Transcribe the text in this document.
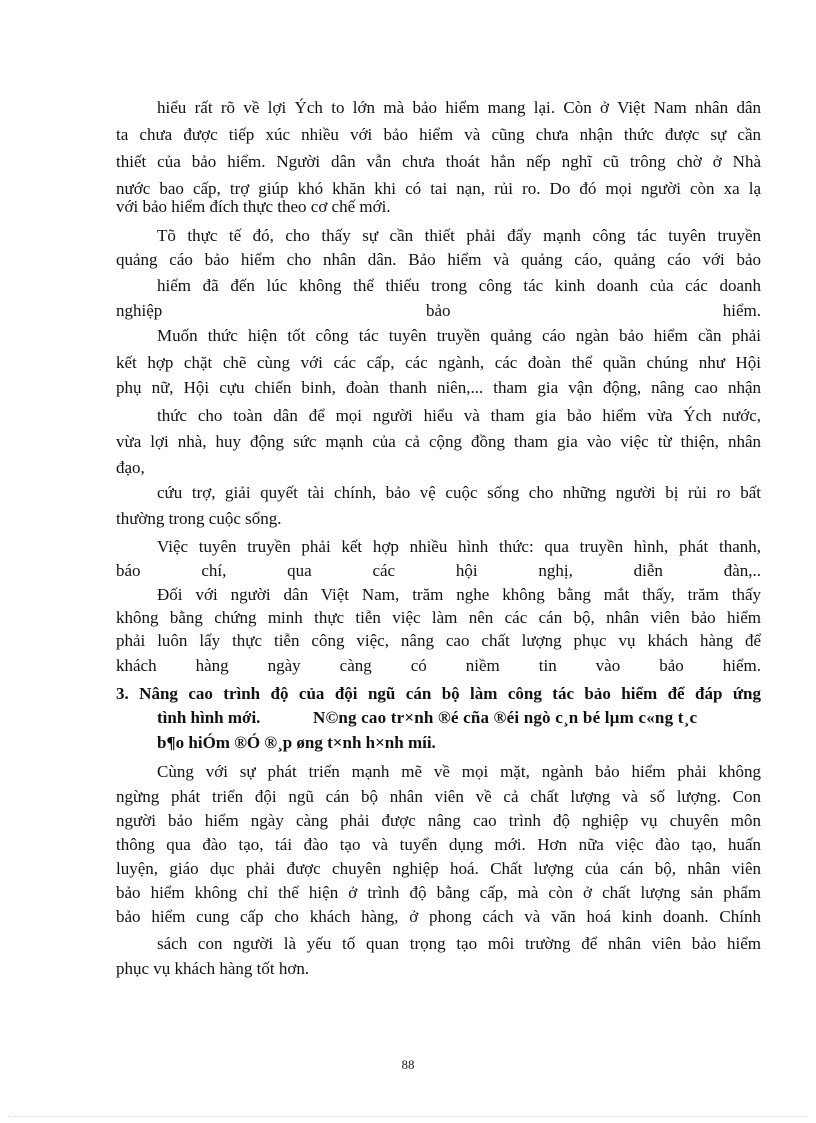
hiểu rất rõ về lợi Ých to lớn mà bảo hiểm mang lại. Còn ở Việt Nam nhân dân

ta chưa được tiếp xúc nhiều với bảo hiểm và cũng chưa nhận thức được sự cần

thiết của bảo hiểm. Người dân vẫn chưa thoát hẳn nếp nghĩ cũ trông chờ ở Nhà

nước bao cấp, trợ giúp khó khăn khi có tai nạn, rủi ro. Do đó mọi người còn xa lạ

với bảo hiểm đích thực theo cơ chế mới.

Tõ thực tế đó, cho thấy sự cần thiết phải đẩy mạnh công tác tuyên truyền

quảng cáo bảo hiểm cho nhân dân. Bảo hiểm và quảng cáo, quảng cáo với bảo

hiểm đã đến lúc không thể thiếu trong công tác kinh doanh của các doanh

nghiệp	bảo	hiểm.

Muốn thức hiện tốt công tác tuyên truyền quảng cáo ngàn bảo hiểm cần phải

kết hợp chặt chẽ cùng với các cấp, các ngành, các đoàn thể quần chúng như Hội

phụ nữ, Hội cựu chiến binh, đoàn thanh niên,... tham gia vận động, nâng cao nhận

thức cho toàn dân để mọi người hiểu và tham gia bảo hiểm vừa Ých nước,

vừa lợi nhà, huy động sức mạnh của cả cộng đồng tham gia vào việc từ thiện, nhân

đạo,

cứu trợ, giải quyết tài chính, bảo vệ cuộc sống cho những người bị rủi ro bất

thường trong cuộc sống.

Việc tuyên truyền phải kết hợp nhiều hình thức: qua truyền hình, phát thanh,

báo chí, qua các hội nghị, diễn đàn,..

Đối với người dân Việt Nam, trăm nghe không bằng mắt thấy, trăm thấy

không bằng chứng minh thực tiễn việc làm nên các cán bộ, nhân viên bảo hiểm

phải luôn lấy thực tiễn công việc, nâng cao chất lượng phục vụ khách hàng để

khách hàng ngày càng có niềm tin vào bảo hiểm.

3. Nâng cao trình độ của đội ngũ cán bộ làm công tác bảo hiểm để đáp ứng

tình hình mới.	N©ng cao tr×nh ®é cña ®éi ngò c¸n bé lµm c«ng t¸c

b¶o hiÓm ®Ó ®¸p øng t×nh h×nh míi.

Cùng với sự phát triển mạnh mẽ về mọi mặt, ngành bảo hiểm phải không

ngừng phát triển đội ngũ cán bộ nhân viên về cả chất lượng và số lượng. Con

người bảo hiểm ngày càng phải được nâng cao trình độ nghiệp vụ chuyên môn

thông qua đào tạo, tái đào tạo và tuyển dụng mới. Hơn nữa việc đào tạo, huấn

luyện, giáo dục phải được chuyên nghiệp hoá. Chất lượng của cán bộ, nhân viên

bảo hiểm không chỉ thể hiện ở trình độ bằng cấp, mà còn ở chất lượng sản phẩm

bảo hiểm cung cấp cho khách hàng, ở phong cách và văn hoá kinh doanh. Chính

sách con người là yếu tố quan trọng tạo môi trường để nhân viên bảo hiểm

phục vụ khách hàng tốt hơn.

88
